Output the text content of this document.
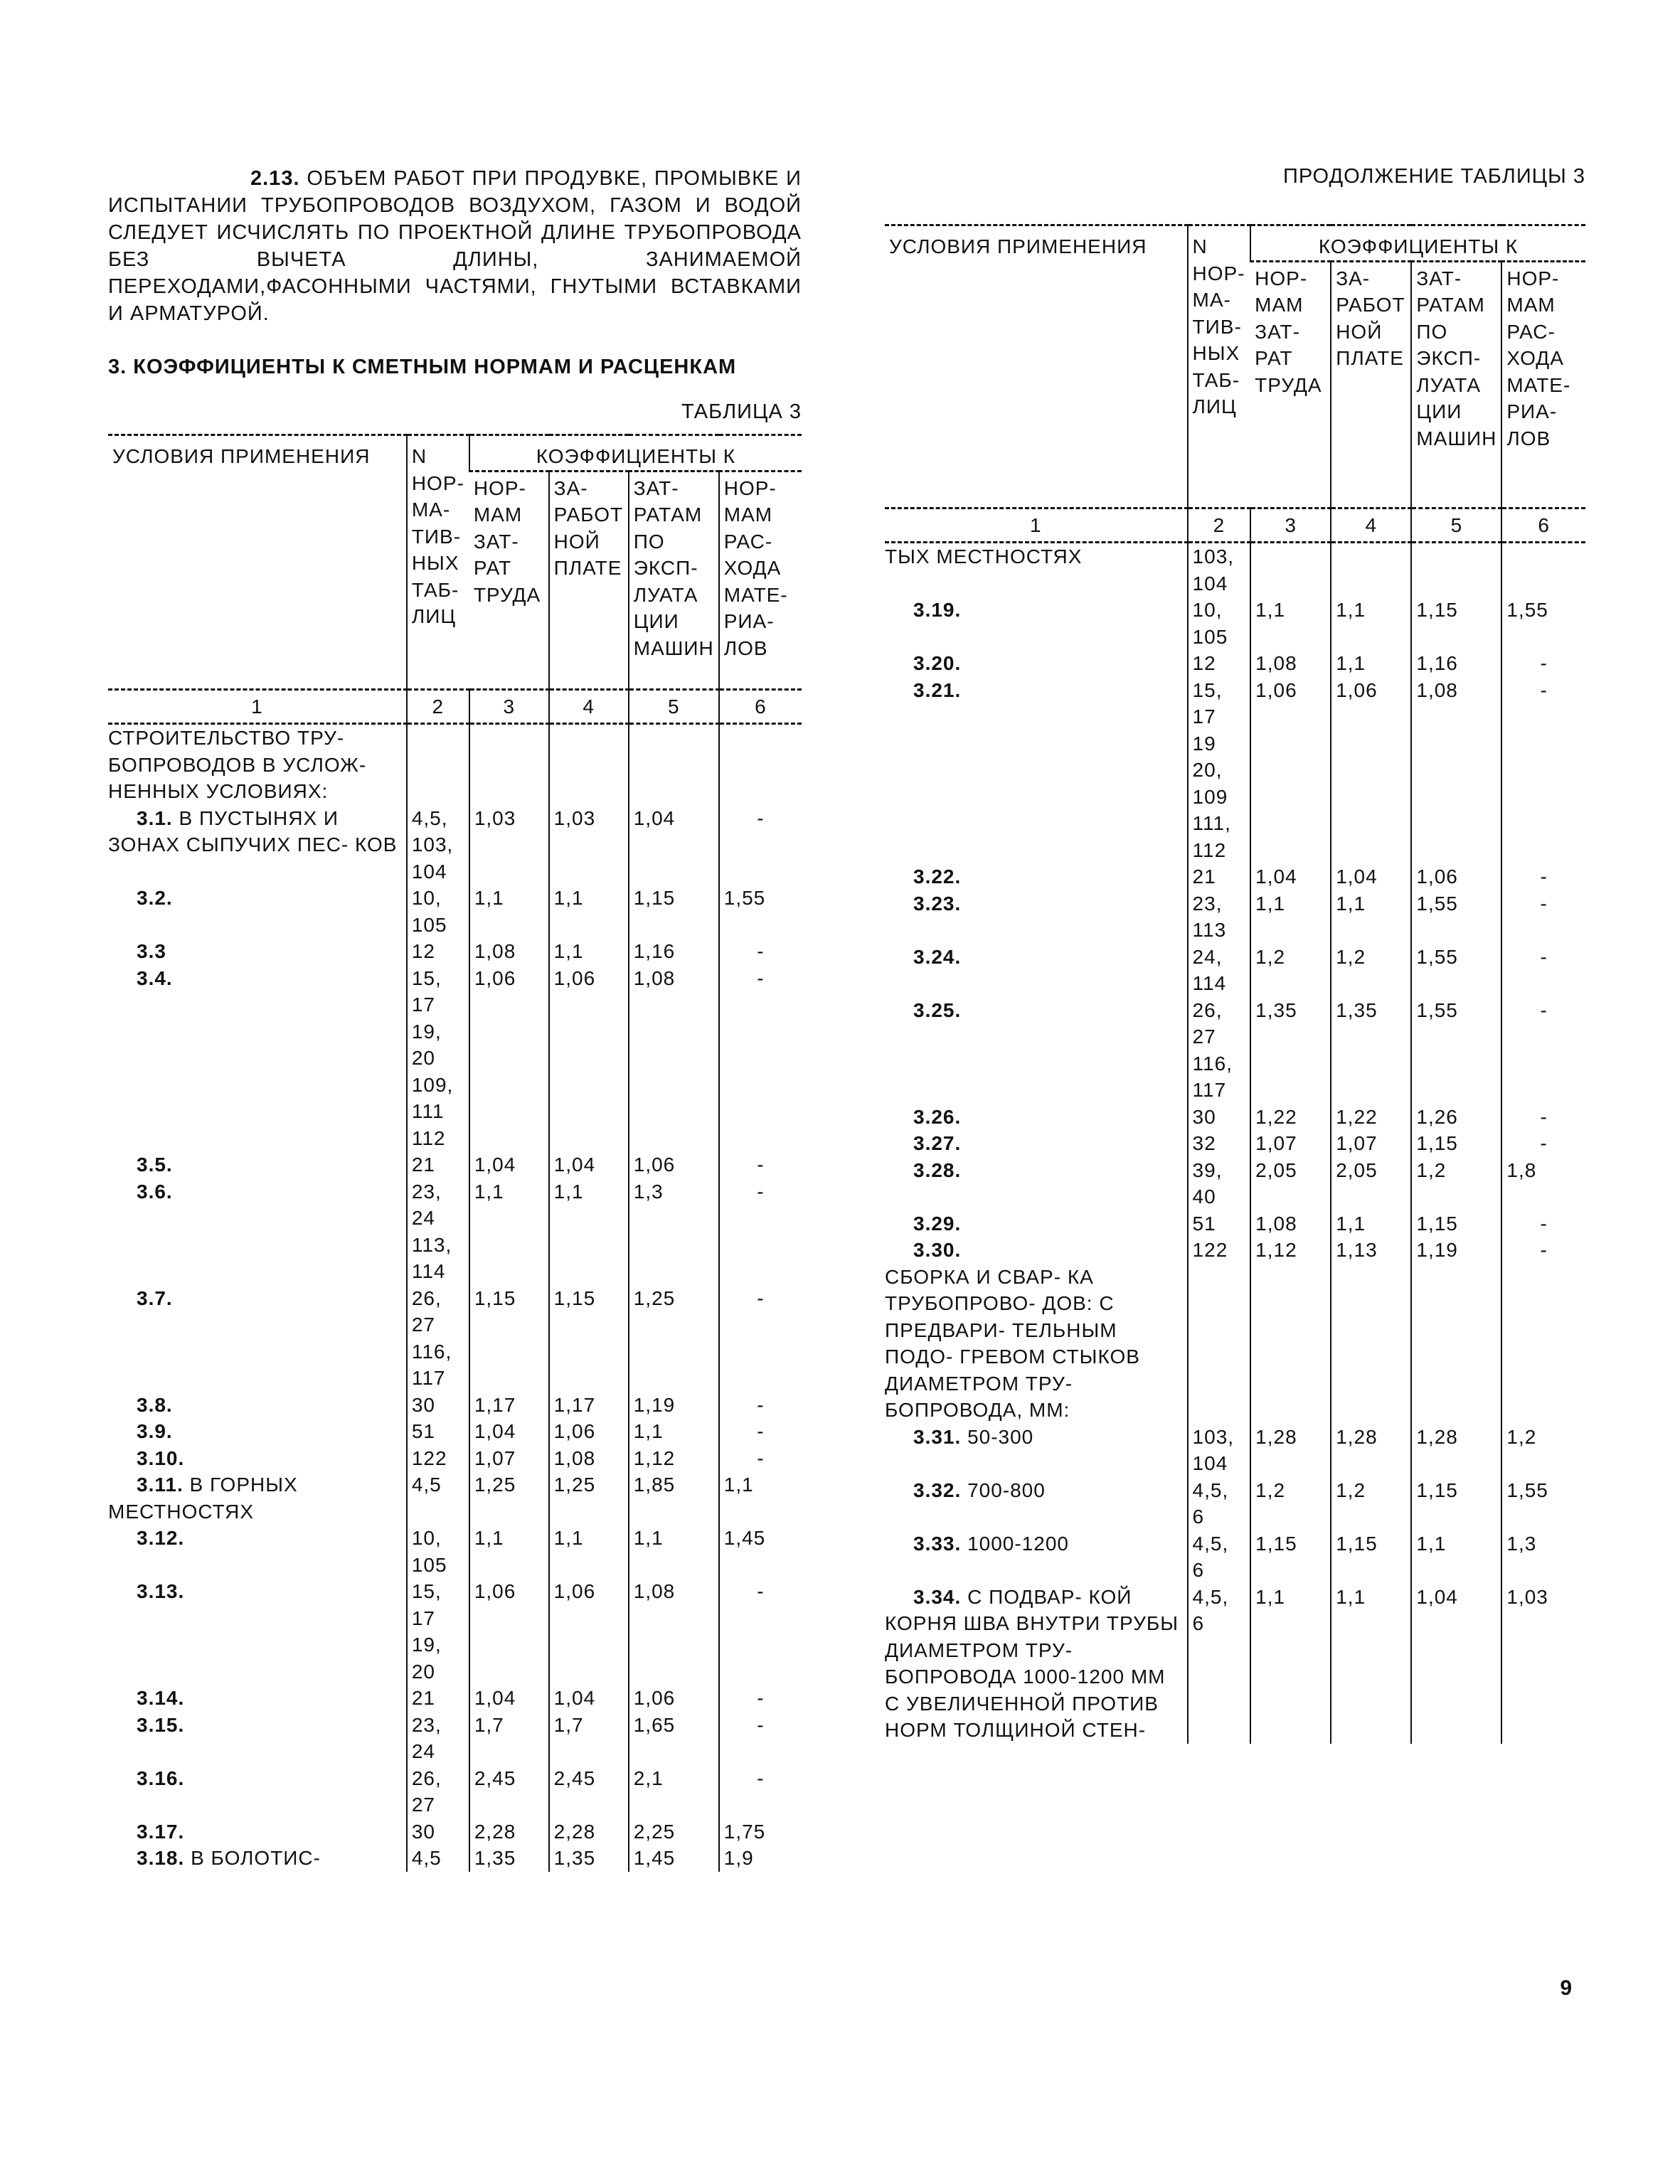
2.13. ОБЪЕМ РАБОТ ПРИ ПРОДУВКЕ, ПРОМЫВКЕ И ИСПЫТАНИИ ТРУБОПРОВОДОВ ВОЗДУХОМ, ГАЗОМ И ВОДОЙ СЛЕДУЕТ ИСЧИСЛЯТЬ ПО ПРОЕКТНОЙ ДЛИНЕ ТРУБОПРОВОДА БЕЗ ВЫЧЕТА ДЛИНЫ, ЗАНИМАЕМОЙ ПЕРЕХОДАМИ,ФАСОННЫМИ ЧАСТЯМИ, ГНУТЫМИ ВСТАВКАМИ И АРМАТУРОЙ.

3. КОЭФФИЦИЕНТЫ К СМЕТНЫМ НОРМАМ И РАСЦЕНКАМ
ТАБЛИЦА 3
УСЛОВИЯ ПРИМЕНЕНИЯ	N НОР- МА- ТИВ- НЫХ ТАБ- ЛИЦ	КОЭФФИЦИЕНТЫ К			
		НОР- МАМ ЗАТ- РАТ ТРУДА	ЗА- РАБОТ НОЙ ПЛАТЕ	ЗАТ- РАТАМ ПО ЭКСП- ЛУАТА ЦИИ МАШИН	НОР- МАМ РАС- ХОДА МАТЕ- РИА- ЛОВ
1	2	3	4	5	6
СТРОИТЕЛЬСТВО ТРУ- БОПРОВОДОВ В УСЛОЖ- НЕННЫХ УСЛОВИЯХ:					
3.1. В ПУСТЫНЯХ И ЗОНАХ СЫПУЧИХ ПЕС- КОВ	4,5, 103, 104	1,03	1,03	1,04	-
3.2.	10, 105	1,1	1,1	1,15	1,55
3.3	12	1,08	1,1	1,16	-
3.4.	15, 17 19, 20 109, 111 112	1,06	1,06	1,08	-
3.5.	21	1,04	1,04	1,06	-
3.6.	23, 24 113, 114	1,1	1,1	1,3	-
3.7.	26, 27 116, 117	1,15	1,15	1,25	-
3.8.	30	1,17	1,17	1,19	-
3.9.	51	1,04	1,06	1,1	-
3.10.	122	1,07	1,08	1,12	-
3.11. В ГОРНЫХ МЕСТНОСТЯХ	4,5	1,25	1,25	1,85	1,1
3.12.	10, 105	1,1	1,1	1,1	1,45
3.13.	15, 17 19, 20	1,06	1,06	1,08	-
3.14.	21	1,04	1,04	1,06	-
3.15.	23, 24	1,7	1,7	1,65	-
3.16.	26, 27	2,45	2,45	2,1	-
3.17.	30	2,28	2,28	2,25	1,75
3.18. В БОЛОТИС-	4,5	1,35	1,35	1,45	1,9
ПРОДОЛЖЕНИЕ ТАБЛИЦЫ 3
УСЛОВИЯ ПРИМЕНЕНИЯ	N НОР- МА- ТИВ- НЫХ ТАБ- ЛИЦ	КОЭФФИЦИЕНТЫ К			
		НОР- МАМ ЗАТ- РАТ ТРУДА	ЗА- РАБОТ НОЙ ПЛАТЕ	ЗАТ- РАТАМ ПО ЭКСП- ЛУАТА ЦИИ МАШИН	НОР- МАМ РАС- ХОДА МАТЕ- РИА- ЛОВ
1	2	3	4	5	6
ТЫХ МЕСТНОСТЯХ	103, 104				
3.19.	10, 105	1,1	1,1	1,15	1,55
3.20.	12	1,08	1,1	1,16	-
3.21.	15, 17 19 20, 109 111, 112	1,06	1,06	1,08	-
3.22.	21	1,04	1,04	1,06	-
3.23.	23, 113	1,1	1,1	1,55	-
3.24.	24, 114	1,2	1,2	1,55	-
3.25.	26, 27 116, 117	1,35	1,35	1,55	-
3.26.	30	1,22	1,22	1,26	-
3.27.	32	1,07	1,07	1,15	-
3.28.	39, 40	2,05	2,05	1,2	1,8
3.29.	51	1,08	1,1	1,15	-
3.30.	122	1,12	1,13	1,19	-
СБОРКА И СВАР- КА ТРУБОПРОВО- ДОВ: С ПРЕДВАРИ- ТЕЛЬНЫМ ПОДО- ГРЕВОМ СТЫКОВ ДИАМЕТРОМ ТРУ- БОПРОВОДА, ММ:					
3.31. 50-300	103, 104	1,28	1,28	1,28	1,2
3.32. 700-800	4,5, 6	1,2	1,2	1,15	1,55
3.33. 1000-1200	4,5, 6	1,15	1,15	1,1	1,3
3.34. С ПОДВАР- КОЙ КОРНЯ ШВА ВНУТРИ ТРУБЫ ДИАМЕТРОМ ТРУ- БОПРОВОДА 1000-1200 ММ	4,5, 6	1,1	1,1	1,04	1,03
С УВЕЛИЧЕННОЙ ПРОТИВ НОРМ ТОЛЩИНОЙ СТЕН-					
9
